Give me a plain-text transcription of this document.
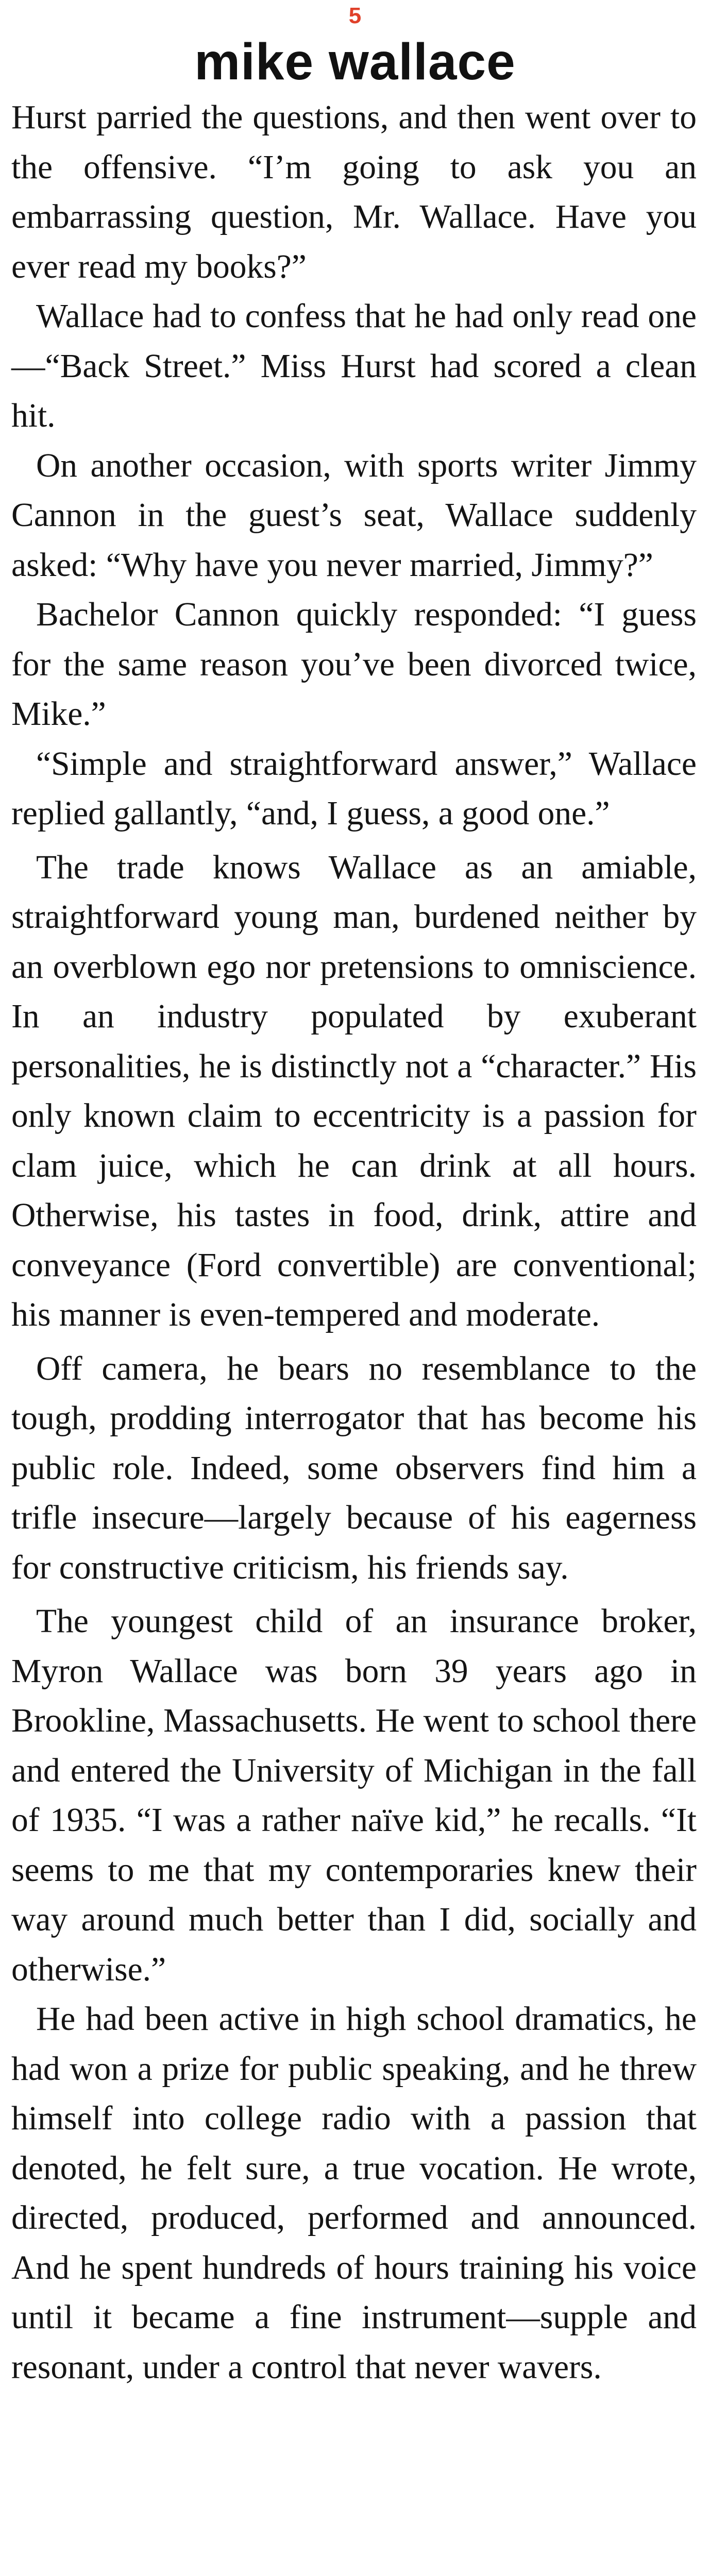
5
mike wallace

Hurst parried the questions, and then went over to the offensive. “I’m going to ask you an embarrassing question, Mr. Wallace. Have you ever read my books?”

Wallace had to confess that he had only read one—“Back Street.” Miss Hurst had scored a clean hit.

On another occasion, with sports writer Jimmy Cannon in the guest’s seat, Wallace suddenly asked: “Why have you never married, Jimmy?”

Bachelor Cannon quickly responded: “I guess for the same reason you’ve been divorced twice, Mike.”

“Simple and straightforward answer,” Wallace replied gallantly, “and, I guess, a good one.”

The trade knows Wallace as an amiable, straightforward young man, burdened neither by an overblown ego nor pretensions to omniscience. In an industry populated by exuberant personalities, he is distinctly not a “character.” His only known claim to eccentricity is a passion for clam juice, which he can drink at all hours. Otherwise, his tastes in food, drink, attire and conveyance (Ford convertible) are conventional; his manner is even-tempered and moderate.

Off camera, he bears no resemblance to the tough, prodding interrogator that has become his public role. Indeed, some observers find him a trifle insecure—largely because of his eagerness for constructive criticism, his friends say.

The youngest child of an insurance broker, Myron Wallace was born 39 years ago in Brookline, Massachusetts. He went to school there and entered the University of Michigan in the fall of 1935. “I was a rather naïve kid,” he recalls. “It seems to me that my contemporaries knew their way around much better than I did, socially and otherwise.”

He had been active in high school dramatics, he had won a prize for public speaking, and he threw himself into college radio with a passion that denoted, he felt sure, a true vocation. He wrote, directed, produced, performed and announced. And he spent hundreds of hours training his voice until it became a fine instrument—supple and resonant, under a control that never wavers.
